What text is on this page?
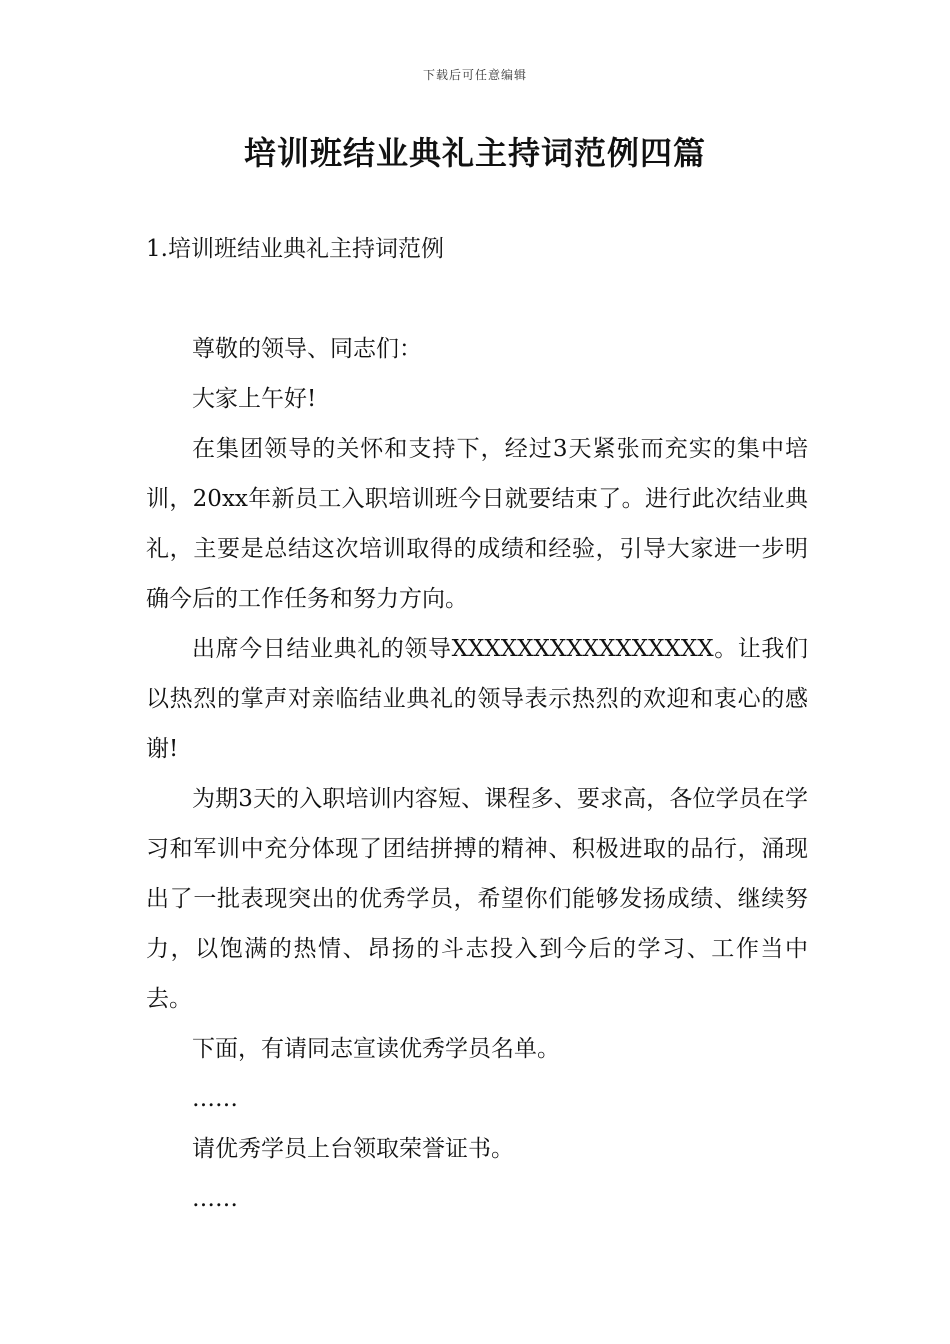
下载后可任意编辑
培训班结业典礼主持词范例四篇
1.培训班结业典礼主持词范例

尊敬的领导、同志们：

大家上午好!

在集团领导的关怀和支持下，经过3天紧张而充实的集中培训，20xx年新员工入职培训班今日就要结束了。进行此次结业典礼，主要是总结这次培训取得的成绩和经验，引导大家进一步明确今后的工作任务和努力方向。

出席今日结业典礼的领导XXXXXXXXXXXXXXXX。让我们以热烈的掌声对亲临结业典礼的领导表示热烈的欢迎和衷心的感谢!

为期3天的入职培训内容短、课程多、要求高，各位学员在学习和军训中充分体现了团结拼搏的精神、积极进取的品行，涌现出了一批表现突出的优秀学员，希望你们能够发扬成绩、继续努力，以饱满的热情、昂扬的斗志投入到今后的学习、工作当中去。

下面，有请同志宣读优秀学员名单。

……

请优秀学员上台领取荣誉证书。

……
